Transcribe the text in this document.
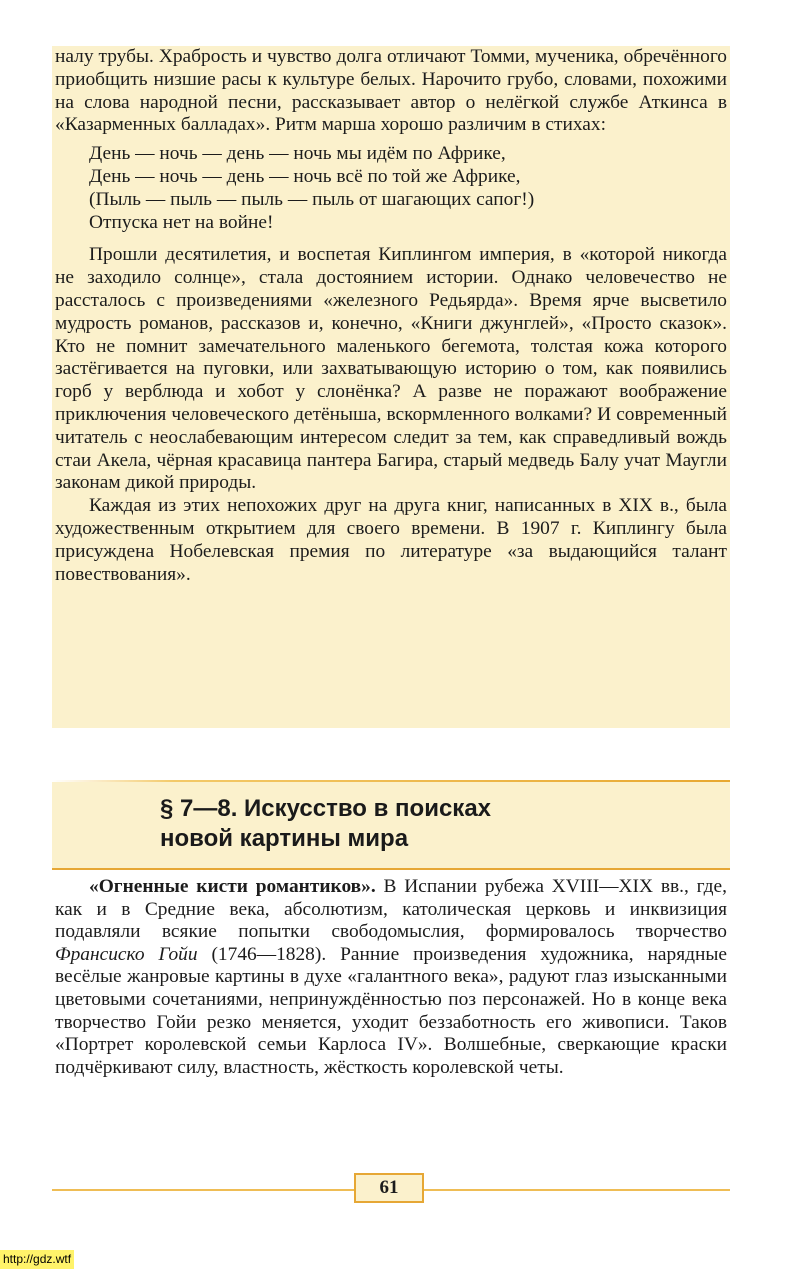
налу трубы. Храбрость и чувство долга отличают Томми, мученика, обречённого приобщить низшие расы к культуре белых. Нарочито грубо, словами, похожими на слова народной песни, рассказывает автор о нелёгкой службе Аткинса в «Казарменных балладах». Ритм марша хорошо различим в стихах:

День — ночь — день — ночь мы идём по Африке,
День — ночь — день — ночь всё по той же Африке,
(Пыль — пыль — пыль — пыль от шагающих сапог!)
Отпуска нет на войне!

Прошли десятилетия, и воспетая Киплингом империя, в «которой никогда не заходило солнце», стала достоянием истории. Однако человечество не рассталось с произведениями «железного Редьярда». Время ярче высветило мудрость романов, рассказов и, конечно, «Книги джунглей», «Просто сказок». Кто не помнит замечательного маленького бегемота, толстая кожа которого застёгивается на пуговки, или захватывающую историю о том, как появились горб у верблюда и хобот у слонёнка? А разве не поражают воображение приключения человеческого детёныша, вскормленного волками? И современный читатель с неослабевающим интересом следит за тем, как справедливый вождь стаи Акела, чёрная красавица пантера Багира, старый медведь Балу учат Маугли законам дикой природы.

Каждая из этих непохожих друг на друга книг, написанных в XIX в., была художественным открытием для своего времени. В 1907 г. Киплингу была присуждена Нобелевская премия по литературе «за выдающийся талант повествования».

§ 7—8. Искусство в поисках
новой картины мира

«Огненные кисти романтиков». В Испании рубежа XVIII—XIX вв., где, как и в Средние века, абсолютизм, католическая церковь и инквизиция подавляли всякие попытки свободомыслия, формировалось творчество Франсиско Гойи (1746—1828). Ранние произведения художника, нарядные весёлые жанровые картины в духе «галантного века», радуют глаз изысканными цветовыми сочетаниями, непринуждённостью поз персонажей. Но в конце века творчество Гойи резко меняется, уходит беззаботность его живописи. Таков «Портрет королевской семьи Карлоса IV». Волшебные, сверкающие краски подчёркивают силу, властность, жёсткость королевской четы.

61
http://gdz.wtf
